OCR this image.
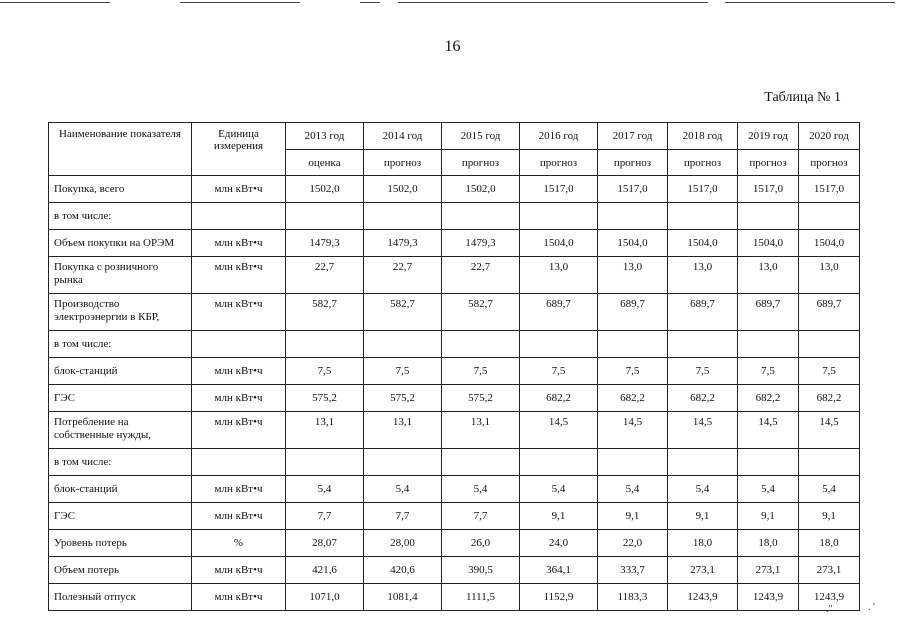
16
Таблица № 1
Наименование показателя	Единица измерения	2013 год	2014 год	2015 год	2016 год	2017 год	2018 год	2019 год	2020 год
		оценка	прогноз	прогноз	прогноз	прогноз	прогноз	прогноз	прогноз
Покупка, всего	млн кВт•ч	1502,0	1502,0	1502,0	1517,0	1517,0	1517,0	1517,0	1517,0
в том числе:									
Объем покупки на ОРЭМ	млн кВт•ч	1479,3	1479,3	1479,3	1504,0	1504,0	1504,0	1504,0	1504,0
Покупка с розничного рынка	млн кВт•ч	22,7	22,7	22,7	13,0	13,0	13,0	13,0	13,0
Производство электроэнергии в КБР,	млн кВт•ч	582,7	582,7	582,7	689,7	689,7	689,7	689,7	689,7
в том числе:									
блок-станций	млн кВт•ч	7,5	7,5	7,5	7,5	7,5	7,5	7,5	7,5
ГЭС	млн кВт•ч	575,2	575,2	575,2	682,2	682,2	682,2	682,2	682,2
Потребление на собственные нужды,	млн кВт•ч	13,1	13,1	13,1	14,5	14,5	14,5	14,5	14,5
в том числе:									
блок-станций	млн кВт•ч	5,4	5,4	5,4	5,4	5,4	5,4	5,4	5,4
ГЭС	млн кВт•ч	7,7	7,7	7,7	9,1	9,1	9,1	9,1	9,1
Уровень потерь	%	28,07	28,00	26,0	24,0	22,0	18,0	18,0	18,0
Объем потерь	млн кВт•ч	421,6	420,6	390,5	364,1	333,7	273,1	273,1	273,1
Полезный отпуск	млн кВт•ч	1071,0	1081,4	1111,5	1152,9	1183,3	1243,9	1243,9	1243,9
."	. '
